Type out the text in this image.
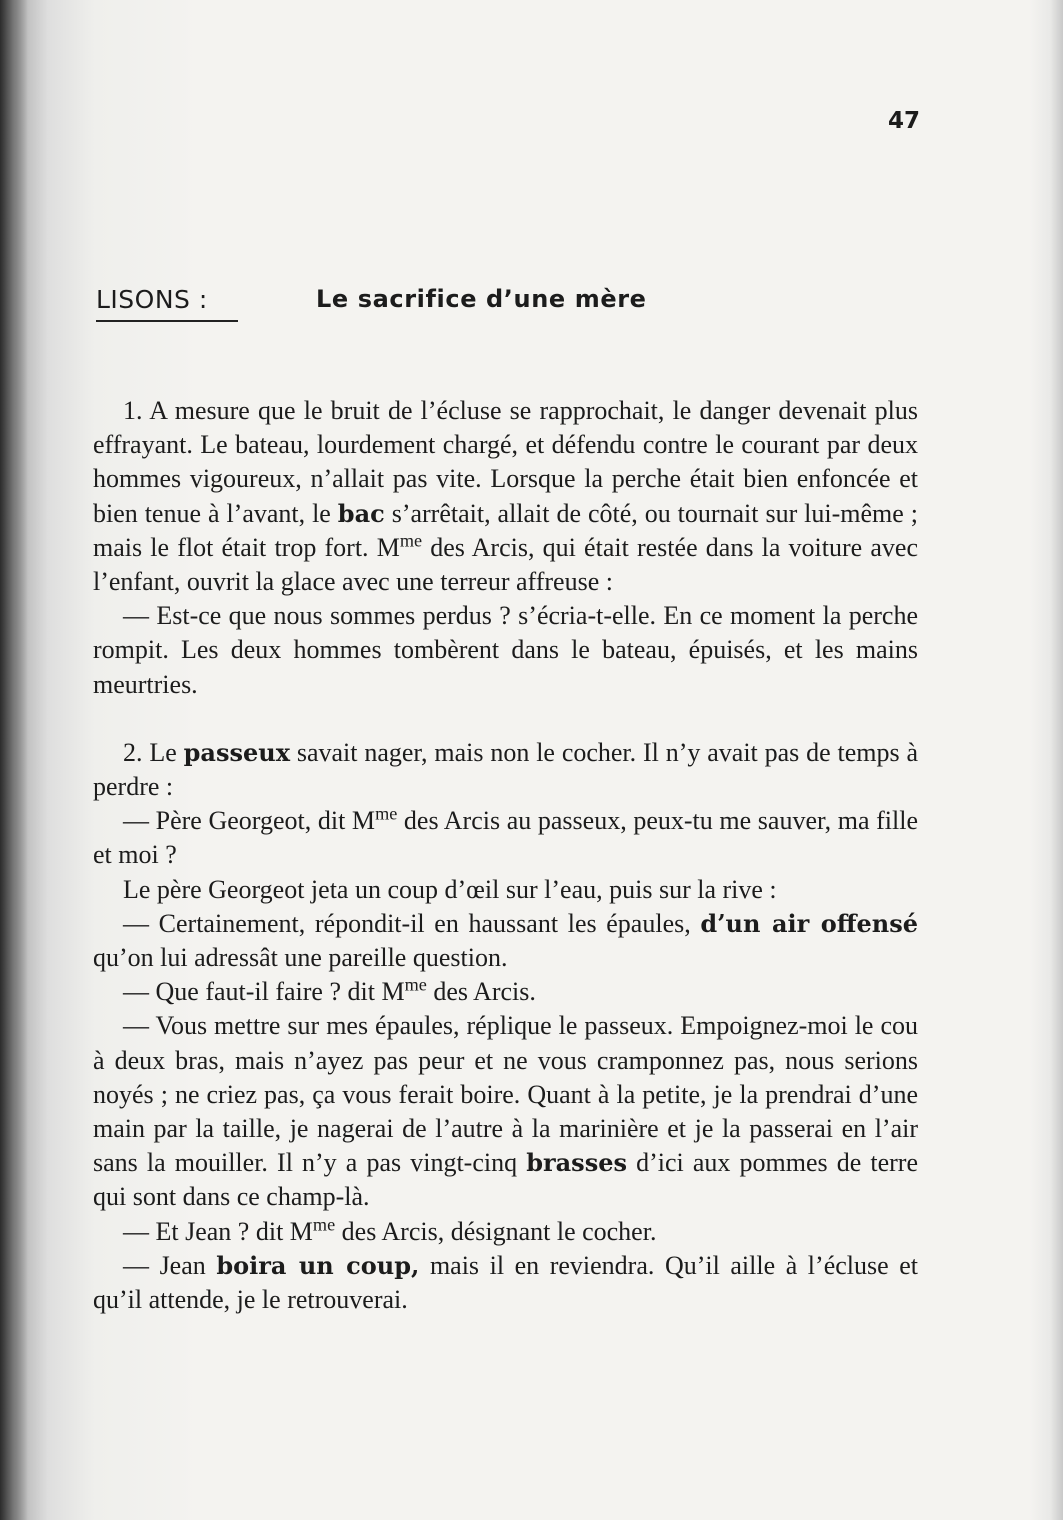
47
LISONS :	Le sacrifice d’une mère

1. A mesure que le bruit de l’écluse se rapprochait, le danger devenait plus effrayant. Le bateau, lourdement chargé, et défendu contre le courant par deux hommes vigoureux, n’allait pas vite. Lorsque la perche était bien enfoncée et bien tenue à l’avant, le bac s’arrêtait, allait de côté, ou tournait sur lui-même ; mais le flot était trop fort. $M^{me}$ des Arcis, qui était restée dans la voiture avec l’enfant, ouvrit la glace avec une terreur affreuse :

— Est-ce que nous sommes perdus ? s’écria-t-elle. En ce moment la perche rompit. Les deux hommes tombèrent dans le bateau, épuisés, et les mains meurtries.

2. Le passeux savait nager, mais non le cocher. Il n’y avait pas de temps à perdre :

— Père Georgeot, dit $M^{me}$ des Arcis au passeux, peux-tu me sauver, ma fille et moi ?

Le père Georgeot jeta un coup d’œil sur l’eau, puis sur la rive :

— Certainement, répondit-il en haussant les épaules, d’un air offensé qu’on lui adressât une pareille question.

— Que faut-il faire ? dit $M^{me}$ des Arcis.

— Vous mettre sur mes épaules, réplique le passeux. Empoignez-moi le cou à deux bras, mais n’ayez pas peur et ne vous cramponnez pas, nous serions noyés ; ne criez pas, ça vous ferait boire. Quant à la petite, je la prendrai d’une main par la taille, je nagerai de l’autre à la marinière et je la passerai en l’air sans la mouiller. Il n’y a pas vingt-cinq brasses d’ici aux pommes de terre qui sont dans ce champ-là.

— Et Jean ? dit $M^{me}$ des Arcis, désignant le cocher.

— Jean boira un coup, mais il en reviendra. Qu’il aille à l’écluse et qu’il attende, je le retrouverai.
